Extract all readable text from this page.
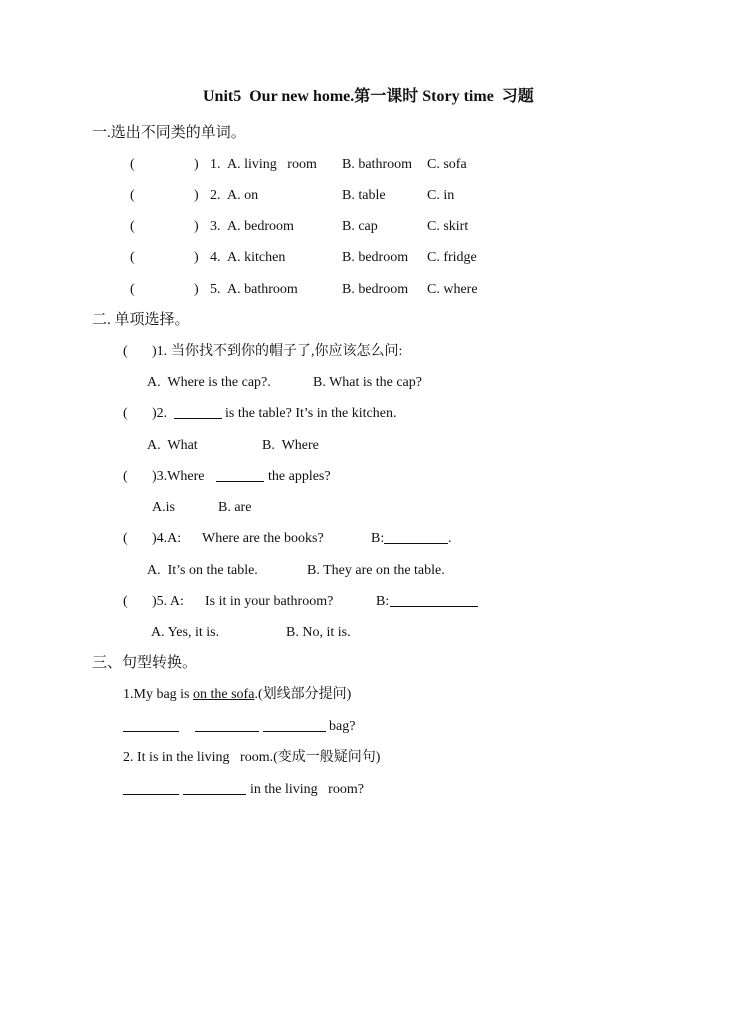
Unit5  Our new home.第一课时 Story time  习题
一.选出不同类的单词。
(	) 1. A. living   room B. bathroom C. sofa
(	) 2. A. on	B. table	C. in
(	) 3. A. bedroom	B. cap	C. skirt
(	) 4. A. kitchen	B. bedroom C. fridge
(	) 5. A. bathroom	B. bedroom C. where
二. 单项选择。
( )1. 当你找不到你的帽子了,你应该怎么问:
A.  Where is the cap?.	B. What is the cap?
( )2.	is the table? It’s in the kitchen.
A.  What	B.  Where
( )3.Where	the apples?
A.is	B. are
( )4.A: Where are the books?	B:	.
A.  It’s on the table.	B. They are on the table.
( )5. A: Is it in your bathroom?	B:
A. Yes, it is.	B. No, it is.
三、句型转换。
1.My bag is on the sofa.(划线部分提问)
bag?
2. It is in the living   room.(变成一般疑问句)
in the living   room?
